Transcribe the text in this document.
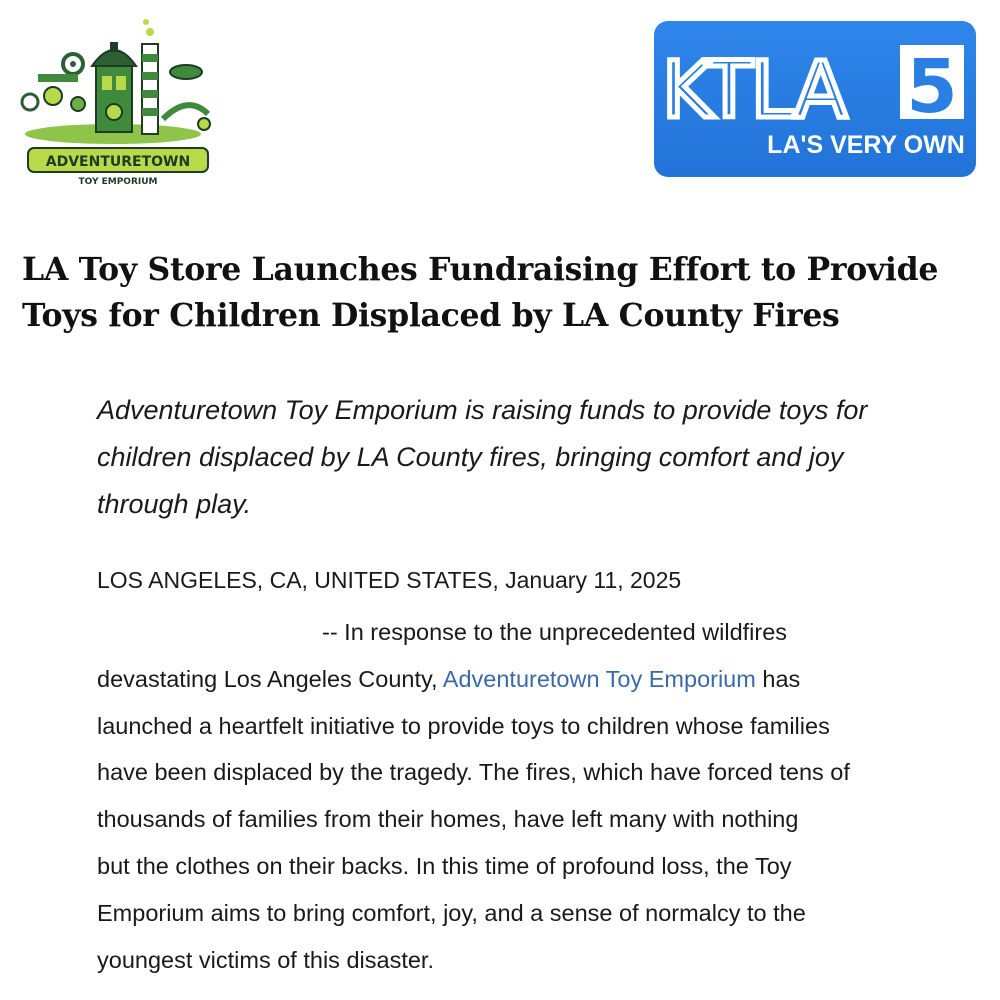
ADVENTURETOWN
TOY EMPORIUM
KTLA 5
LA'S VERY OWN
LA Toy Store Launches Fundraising Effort to Provide Toys for Children Displaced by LA County Fires

Adventuretown Toy Emporium is raising funds to provide toys for children displaced by LA County fires, bringing comfort and joy through play.

LOS ANGELES, CA, UNITED STATES, January 11, 2025

-- In response to the unprecedented wildfires
devastating Los Angeles County, Adventuretown Toy Emporium has
launched a heartfelt initiative to provide toys to children whose families
have been displaced by the tragedy. The fires, which have forced tens of
thousands of families from their homes, have left many with nothing
but the clothes on their backs. In this time of profound loss, the Toy
Emporium aims to bring comfort, joy, and a sense of normalcy to the
youngest victims of this disaster.
